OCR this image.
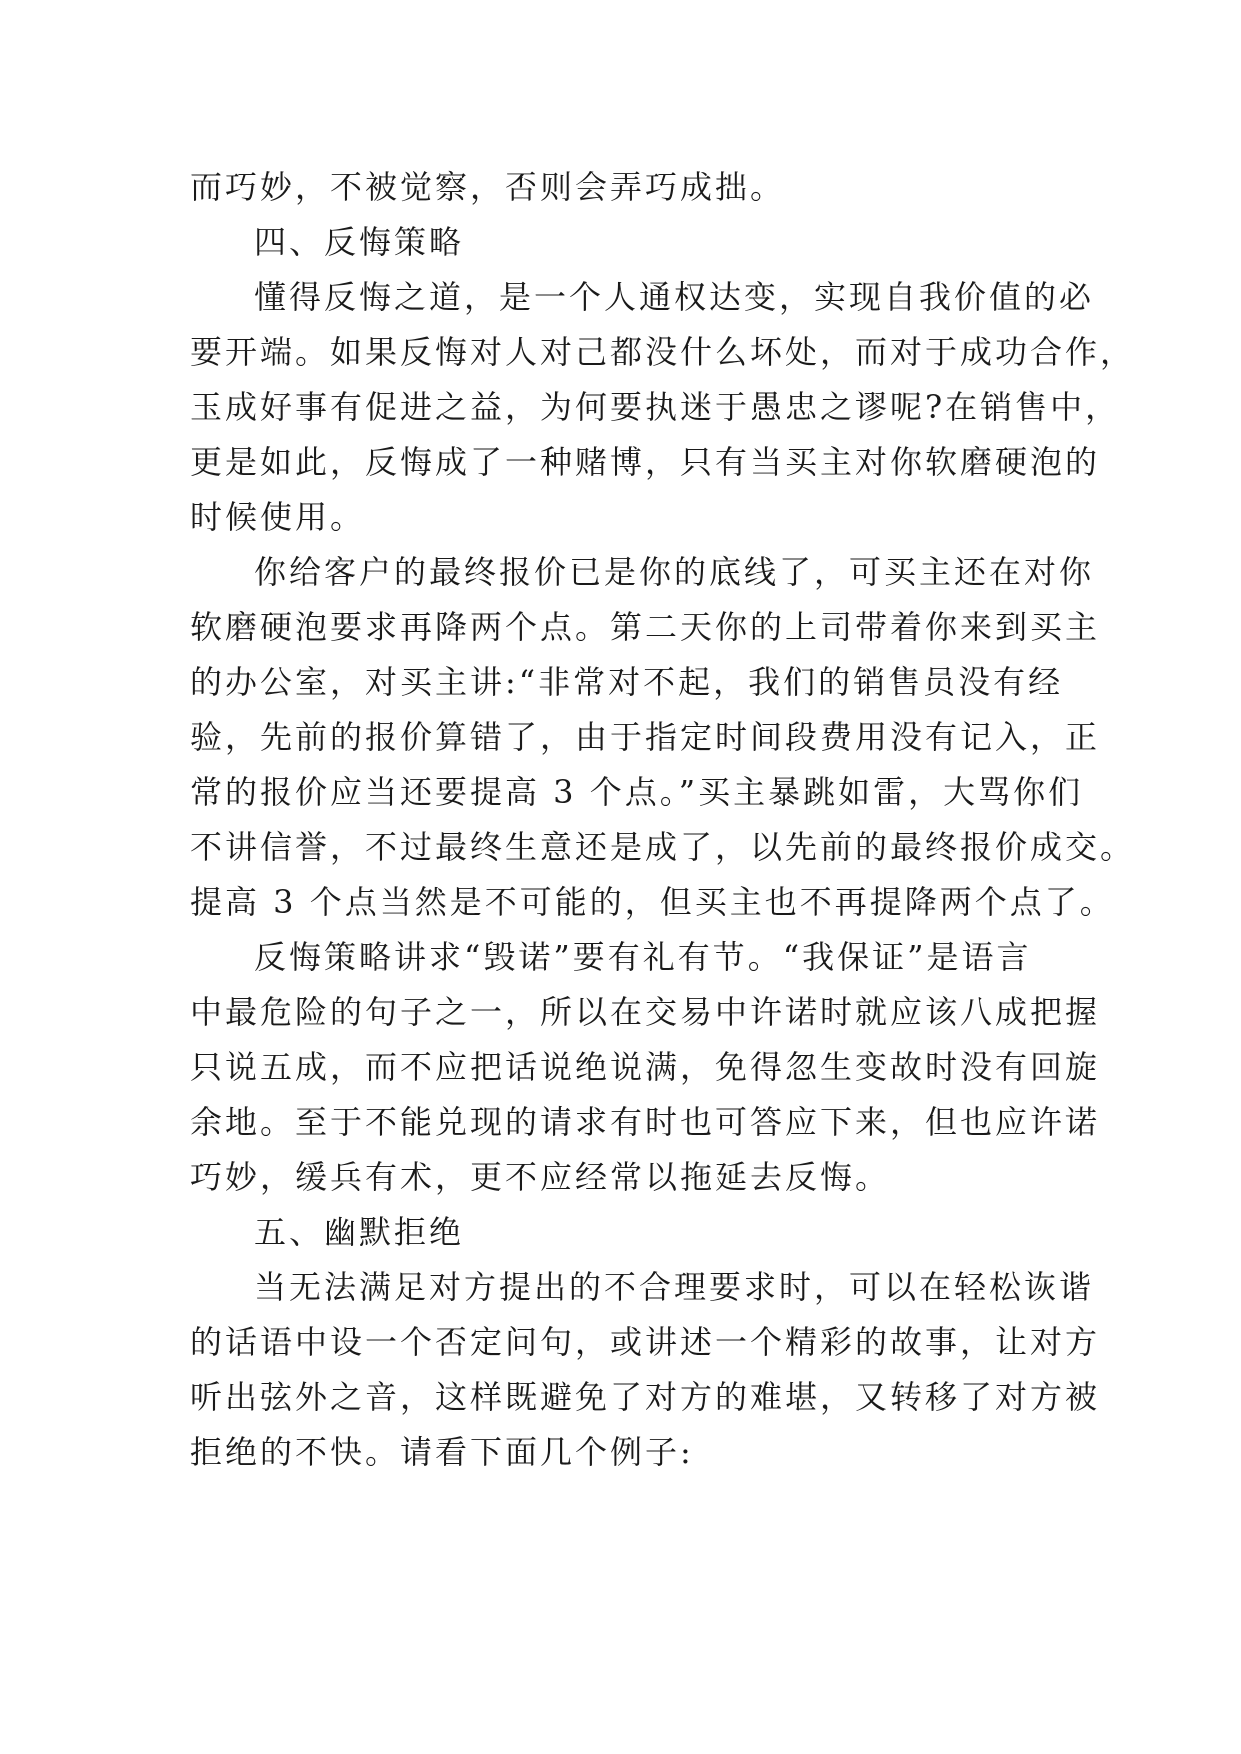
而巧妙，不被觉察，否则会弄巧成拙。
四、反悔策略
懂得反悔之道，是一个人通权达变，实现自我价值的必
要开端。如果反悔对人对己都没什么坏处，而对于成功合作，
玉成好事有促进之益，为何要执迷于愚忠之谬呢?在销售中，
更是如此，反悔成了一种赌博，只有当买主对你软磨硬泡的
时候使用。
你给客户的最终报价已是你的底线了，可买主还在对你
软磨硬泡要求再降两个点。第二天你的上司带着你来到买主
的办公室，对买主讲:“非常对不起，我们的销售员没有经
验，先前的报价算错了，由于指定时间段费用没有记入，正
常的报价应当还要提高 3 个点。”买主暴跳如雷，大骂你们
不讲信誉，不过最终生意还是成了，以先前的最终报价成交。
提高 3 个点当然是不可能的，但买主也不再提降两个点了。
反悔策略讲求“毁诺”要有礼有节。“我保证”是语言
中最危险的句子之一，所以在交易中许诺时就应该八成把握
只说五成，而不应把话说绝说满，免得忽生变故时没有回旋
余地。至于不能兑现的请求有时也可答应下来，但也应许诺
巧妙，缓兵有术，更不应经常以拖延去反悔。
五、幽默拒绝
当无法满足对方提出的不合理要求时，可以在轻松诙谐
的话语中设一个否定问句，或讲述一个精彩的故事，让对方
听出弦外之音，这样既避免了对方的难堪，又转移了对方被
拒绝的不快。请看下面几个例子:
